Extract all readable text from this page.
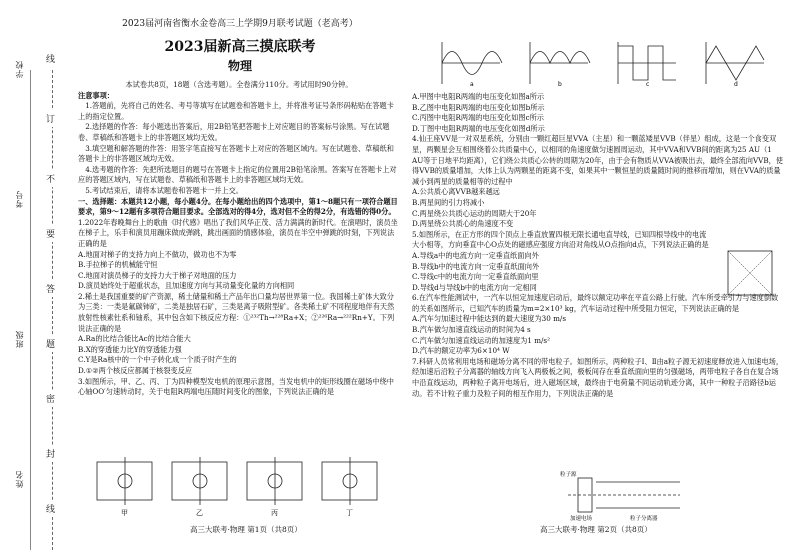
姓名
班级
考号
学校 线
订
不
要
答
题
密
封
线
2023届河南省衡水金卷高三上学期9月联考试题（老高考）
2023届新高三摸底联考
物理

本试卷共8页，18题（含选考题）。全卷满分110分。考试用时90分钟。

注意事项：

1.答题前，先将自己的姓名、考号等填写在试题卷和答题卡上，并将准考证号条形码粘贴在答题卡上的指定位置。

2.选择题的作答：每小题选出答案后，用2B铅笔把答题卡上对应题目的答案标号涂黑。写在试题卷、草稿纸和答题卡上的非答题区域均无效。

3.填空题和解答题的作答：用签字笔直接写在答题卡上对应的答题区域内。写在试题卷、草稿纸和答题卡上的非答题区域均无效。

4.选考题的作答：先把所选题目的题号在答题卡上指定的位置用2B铅笔涂黑。答案写在答题卡上对应的答题区域内，写在试题卷、草稿纸和答题卡上的非答题区域均无效。

5.考试结束后，请将本试题卷和答题卡一并上交。

一、选择题：本题共12小题，每小题4分。在每小题给出的四个选项中，第1～8题只有一项符合题目要求，第9～12题有多项符合题目要求。全部选对的得4分，选对但不全的得2分，有选错的得0分。

1.2022年春晚舞台上的歌曲《时代感》唱出了我们风华正茂、活力满满的新时代。在演唱时，演员坐在梯子上，乐手和演员用蹦床做成弹跳，跳出画面的情感体验，演员在半空中弹跳的时刻，下列说法正确的是

A.地面对梯子的支持力向上不做功，做功也不为零

B.手拉梯子的机械能守恒

C.地面对演员梯子的支持力大于梯子对地面的压力

D.演员始终处于超重状态，且加速度方向与其动量变化量的方向相同

2.稀土是我国重要的矿产资源，稀土储量和稀土产品年出口量均居世界第一位。我国稀土矿体大致分为三类：一类是氟碳铈矿，二类是独居石矿，三类是离子吸附型矿。各类稀土矿不同程度地伴有天然放射性核素钍系和铀系，其中包含如下核反应方程：①²³²Th→²²⁸Ra+X；②²²⁶Ra→²²²Rn+Y。下列说法正确的是

A.Ra的比结合能比Ac的比结合能大

B.X的穿透能力比Y的穿透能力强

C.Y是Ra核中的一个中子转化成一个质子时产生的

D.①②两个核反应都属于核裂变反应

3.如图所示，甲、乙、丙、丁为四种模型发电机的原理示意图，当发电机中的矩形线圈在磁场中绕中心轴OO′匀速转动时，关于电阻R两端电压随时间变化的图象，下列说法正确的是

甲	乙	丙	丁
高三大联考·物理 第1页（共8页）
a	b	c	d

A.甲图中电阻R两端的电压变化如图a所示

B.乙图中电阻R两端的电压变化如图b所示

C.丙图中电阻R两端的电压变化如图c所示

D.丁图中电阻R两端的电压变化如图d所示

4.仙王座VV是一对双星系统，分别由一颗红超巨星VVA（主星）和一颗蓝矮星VVB（伴星）组成，这是一个食变双星，两颗星会互相围绕着公共质量中心，以相同的角速度做匀速圆周运动，其中VVA和VVB间的距离为25 AU（1 AU等于日地平均距离），它们绕公共质心公转的周期为20年，由于会有物质从VVA被吸出去，最终全部流向VVB，使得VVB的质量增加，大体上认为两颗星的距离不变，如果其中一颗恒星的质量随时间的推移而增加，则在VVA的质量减小到两星的质量相等的过程中

A.公共质心离VVB越来越远

B.两星间的引力将减小

C.两星绕公共质心运动的周期大于20年

D.两星绕公共质心的角速度不变

5.如图所示，在正方形的四个顶点上垂直放置四根无限长通电直导线，已知四根导线中的电流大小相等，方向垂直中心O点处的磁感应强度方向沿对角线从O点指向d点，下列说法正确的是

A.导线a中的电流方向一定垂直纸面向外

B.导线b中的电流方向一定垂直纸面向外

C.导线c中的电流方向一定垂直纸面向里

D.导线d与导线b中的电流方向一定相同

6.在汽车性能测试中，一汽车以恒定加速度启动后，最终以额定功率在平直公路上行驶。汽车所受牵引力与速度倒数的关系如图所示，已知汽车的质量为m=2×10³ kg，汽车运动过程中所受阻力恒定，下列说法正确的是

A.汽车匀加速过程中能达到的最大速度为30 m/s

B.汽车做匀加速直线运动的时间为4 s

C.汽车做匀加速直线运动的加速度为1 m/s²

D.汽车的额定功率为6×10⁴ W

7.科研人员常利用电场和磁场分离不同的带电粒子。如图所示，两种粒子Ⅰ、Ⅱ由a粒子源无初速度释放进入加速电场，经加速后沿粒子分离器的轴线方向飞入两极板之间，极板间存在垂直纸面向里的匀强磁场，两带电粒子各自在复合场中沿直线运动，两种粒子离开电场后，进入磁场区域，最终由于电荷量不同运动轨迹分离，其中一种粒子沿路径b运动。若不计粒子重力及粒子间的相互作用力，下列说法正确的是

粒子源
加速电场	粒子分离器
高三大联考·物理 第2页（共8页）
